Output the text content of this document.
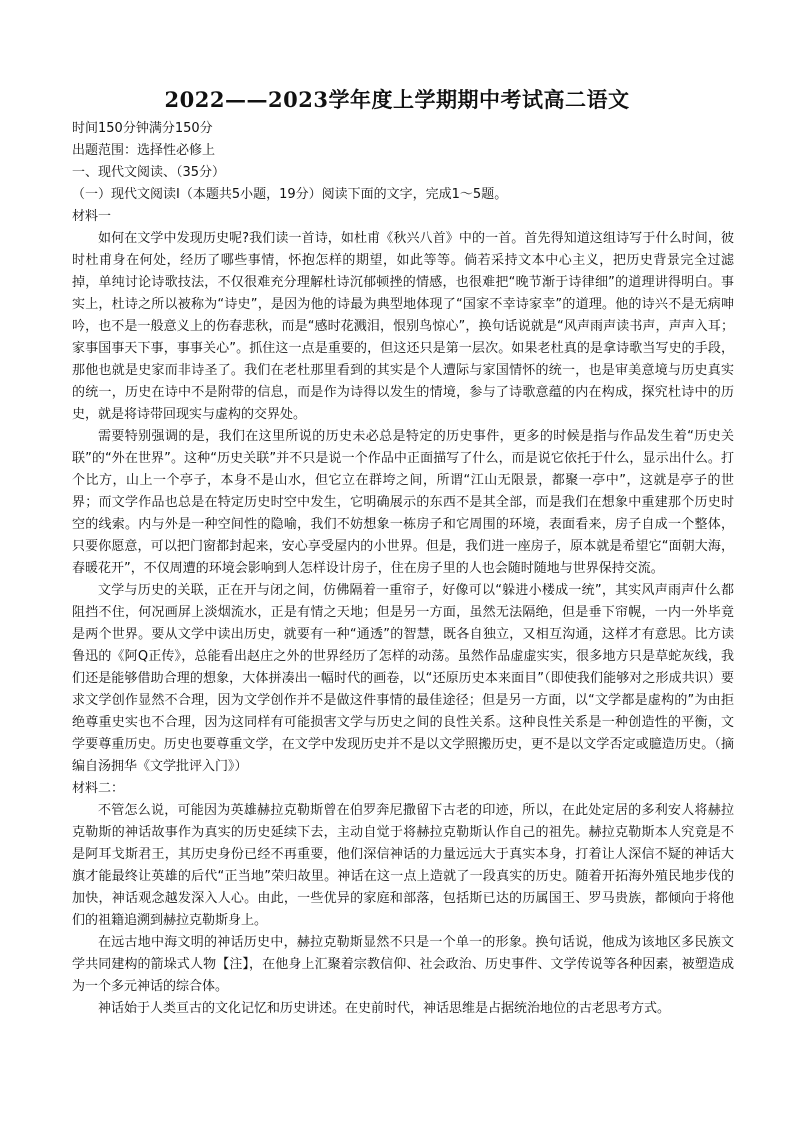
2022——2023学年度上学期期中考试高二语文

时间150分钟满分150分

出题范围：选择性必修上

一、现代文阅读、（35分）

（一）现代文阅读I（本题共5小题，19分）阅读下面的文字，完成1～5题。

材料一

如何在文学中发现历史呢?我们读一首诗，如杜甫《秋兴八首》中的一首。首先得知道这组诗写于什么时间，彼时杜甫身在何处，经历了哪些事情，怀抱怎样的期望，如此等等。倘若采持文本中心主义，把历史背景完全过滤掉，单纯讨论诗歌技法，不仅很难充分理解杜诗沉郁顿挫的情感，也很难把“晚节渐于诗律细”的道理讲得明白。事实上，杜诗之所以被称为“诗史”，是因为他的诗最为典型地体现了“国家不幸诗家幸”的道理。他的诗兴不是无病呻吟，也不是一般意义上的伤春悲秋，而是“感时花溅泪，恨别鸟惊心”，换句话说就是“风声雨声读书声，声声入耳；家事国事天下事，事事关心”。抓住这一点是重要的，但这还只是第一层次。如果老杜真的是拿诗歌当写史的手段，那他也就是史家而非诗圣了。我们在老杜那里看到的其实是个人遭际与家国情怀的统一，也是审美意境与历史真实的统一，历史在诗中不是附带的信息，而是作为诗得以发生的情境，参与了诗歌意蕴的内在构成，探究杜诗中的历史，就是将诗带回现实与虚构的交界处。

需要特别强调的是，我们在这里所说的历史未必总是特定的历史事件，更多的时候是指与作品发生着“历史关联”的“外在世界”。这种“历史关联”并不只是说一个作品中正面描写了什么，而是说它依托于什么，显示出什么。打个比方，山上一个亭子，本身不是山水，但它立在群垮之间，所谓“江山无限景，都聚一亭中”，这就是亭子的世界；而文学作品也总是在特定历史时空中发生，它明确展示的东西不是其全部，而是我们在想象中重建那个历史时空的线索。内与外是一种空间性的隐喻，我们不妨想象一栋房子和它周围的环境，表面看来，房子自成一个整体，只要你愿意，可以把门窗都封起来，安心享受屋内的小世界。但是，我们进一座房子，原本就是希望它“面朝大海，春暖花开”，不仅周遭的环境会影响到人怎样设计房子，住在房子里的人也会随时随地与世界保持交流。

文学与历史的关联，正在开与闭之间，仿佛隔着一重帘子，好像可以“躲进小楼成一统”，其实风声雨声什么都阻挡不住，何况画屏上淡烟流水，正是有情之天地；但是另一方面，虽然无法隔绝，但是垂下帘幌，一内一外毕竟是两个世界。要从文学中读出历史，就要有一种“通透”的智慧，既各自独立，又相互沟通，这样才有意思。比方读鲁迅的《阿Q正传》，总能看出赵庄之外的世界经历了怎样的动荡。虽然作品虚虚实实，很多地方只是草蛇灰线，我们还是能够借助合理的想象，大体拼凑出一幅时代的画卷，以“还原历史本来面目”（即使我们能够对之形成共识）要求文学创作显然不合理，因为文学创作并不是做这件事情的最佳途径；但是另一方面，以“文学都是虚构的”为由拒绝尊重史实也不合理，因为这同样有可能损害文学与历史之间的良性关系。这种良性关系是一种创造性的平衡，文学要尊重历史。历史也要尊重文学，在文学中发现历史并不是以文学照搬历史，更不是以文学否定或臆造历史。（摘编自汤拥华《文学批评入门》）

材料二：

不管怎么说，可能因为英雄赫拉克勒斯曾在伯罗奔尼撒留下古老的印迹，所以，在此处定居的多利安人将赫拉克勒斯的神话故事作为真实的历史延续下去，主动自觉于将赫拉克勒斯认作自己的祖先。赫拉克勒斯本人究竟是不是阿耳戈斯君王，其历史身份已经不再重要，他们深信神话的力量远远大于真实本身，打着让人深信不疑的神话大旗才能最终让英雄的后代“正当地”荣归故里。神话在这一点上造就了一段真实的历史。随着开拓海外殖民地步伐的加快，神话观念越发深入人心。由此，一些优异的家庭和部落，包括斯已达的历属国王、罗马贵族，都倾向于将他们的祖籍追溯到赫拉克勒斯身上。

在远古地中海文明的神话历史中，赫拉克勒斯显然不只是一个单一的形象。换句话说，他成为该地区多民族文学共同建构的箭垛式人物【注】，在他身上汇聚着宗教信仰、社会政治、历史事件、文学传说等各种因素，被塑造成为一个多元神话的综合体。

神话始于人类亘古的文化记忆和历史讲述。在史前时代，神话思维是占据统治地位的古老思考方式。
